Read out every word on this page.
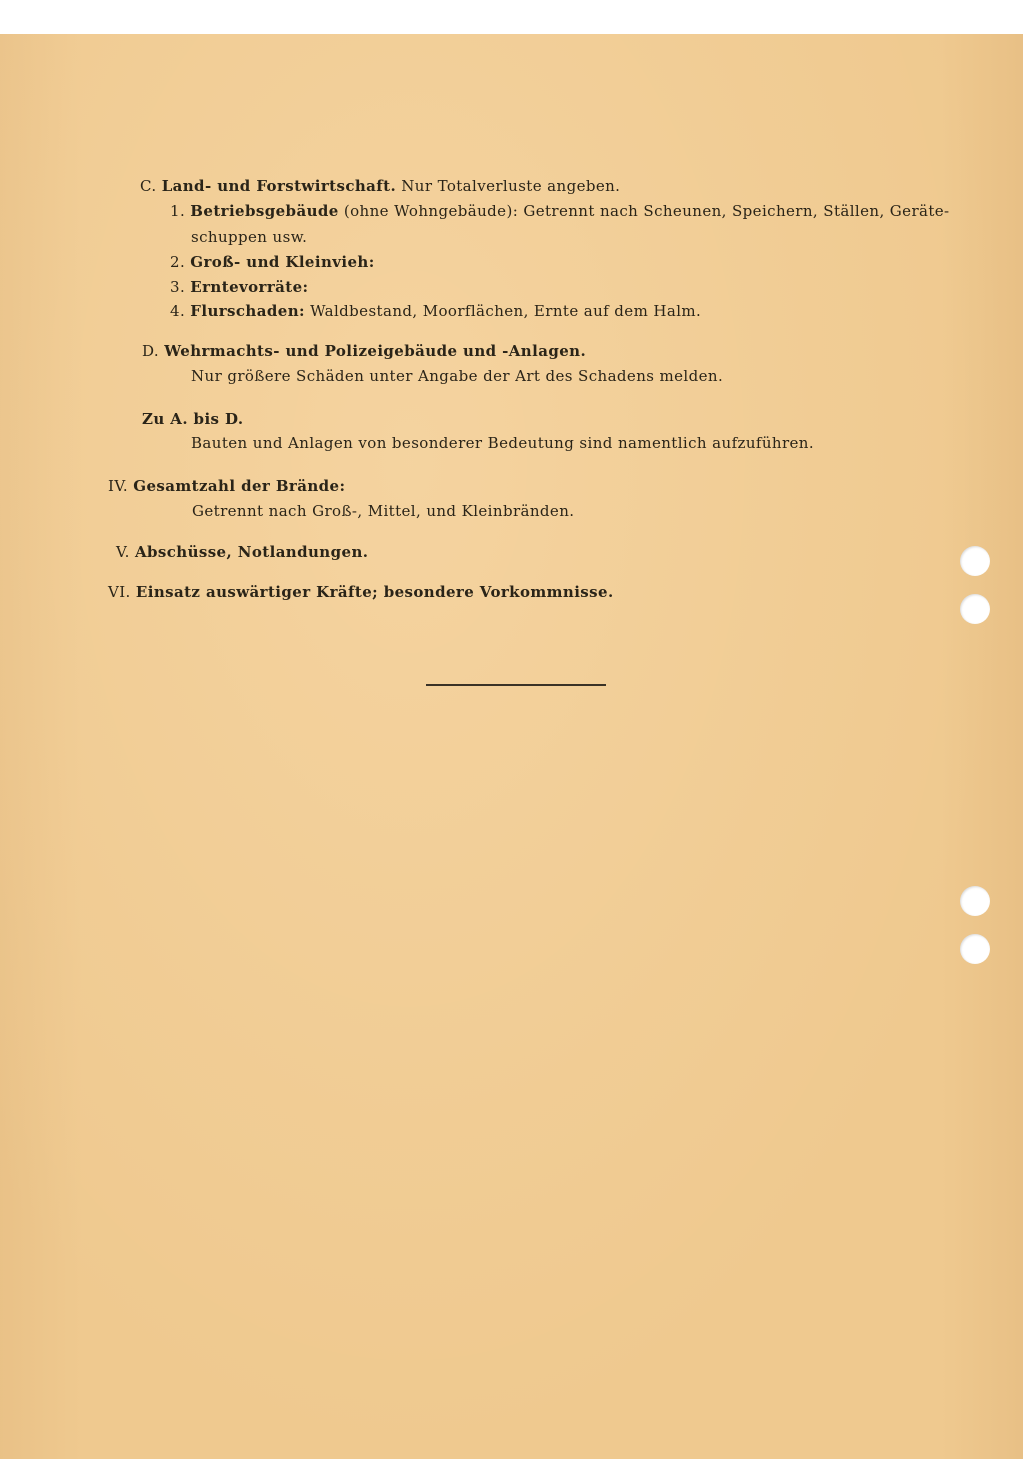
C. Land- und Forstwirtschaft. Nur Totalverluste angeben.
1. Betriebsgebäude (ohne Wohngebäude): Getrennt nach Scheunen, Speichern, Ställen, Geräte-
schuppen usw.
2. Groß- und Kleinvieh:
3. Erntevorräte:
4. Flurschaden: Waldbestand, Moorflächen, Ernte auf dem Halm.
D. Wehrmachts- und Polizeigebäude und -Anlagen.
Nur größere Schäden unter Angabe der Art des Schadens melden.
Zu A. bis D.
Bauten und Anlagen von besonderer Bedeutung sind namentlich aufzuführen.
IV. Gesamtzahl der Brände:
Getrennt nach Groß-, Mittel, und Kleinbränden.
V. Abschüsse, Notlandungen.
VI. Einsatz auswärtiger Kräfte; besondere Vorkommnisse.
